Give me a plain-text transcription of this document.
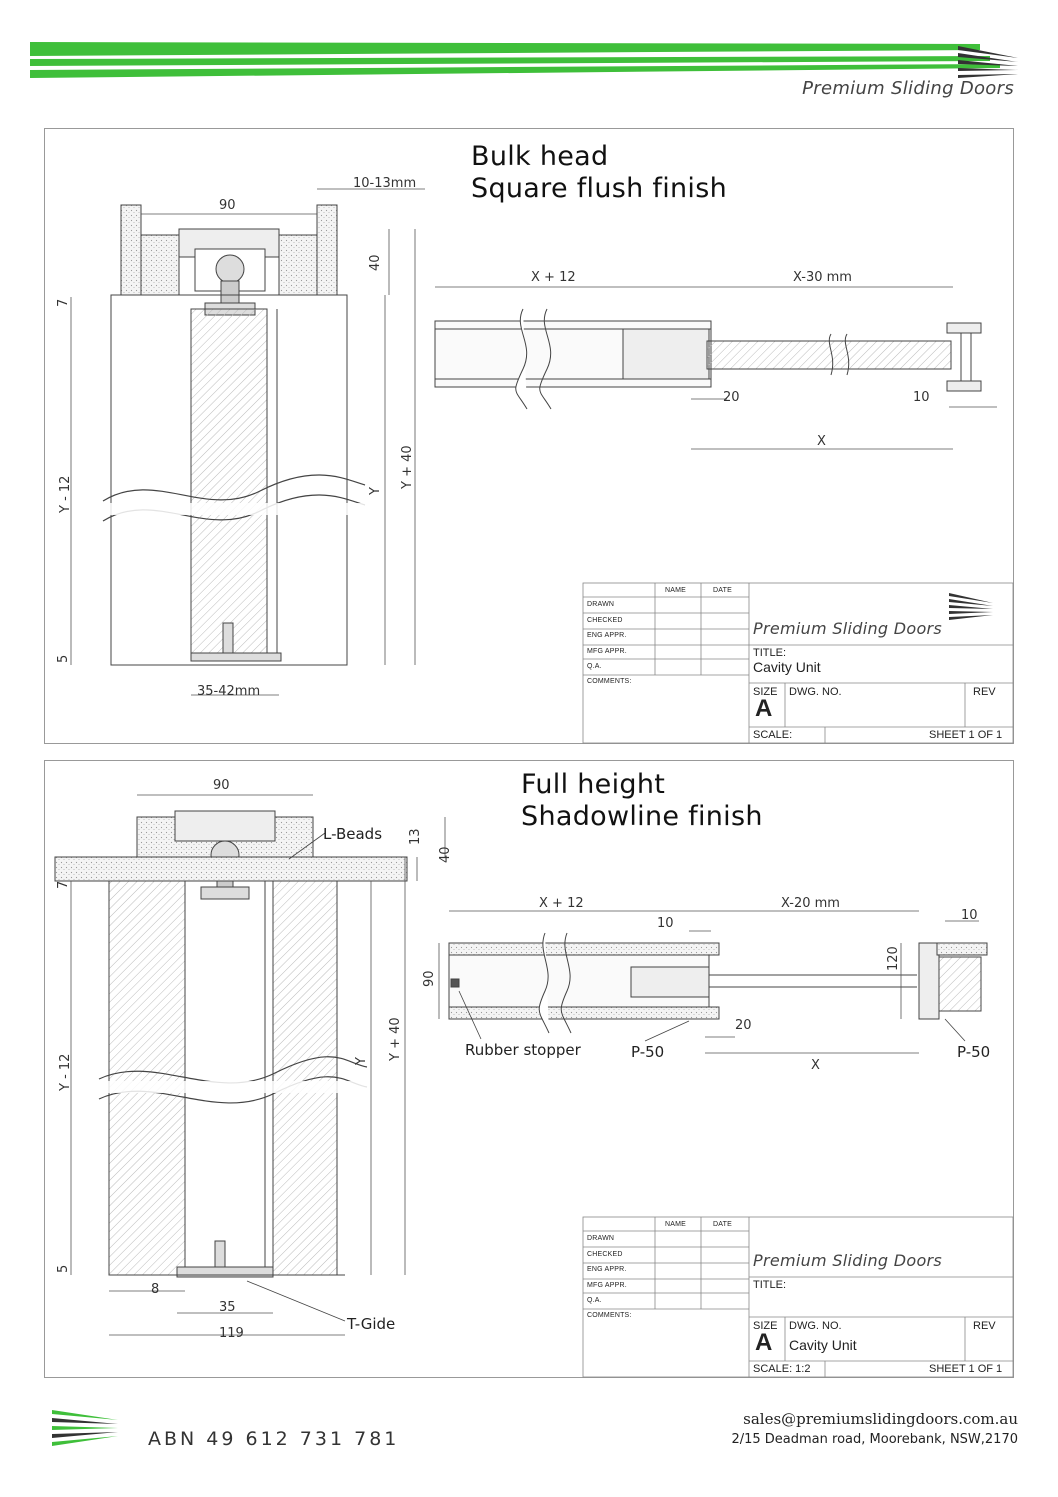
Premium Sliding Doors
10-13mm
90
40
7
Y - 12	Y
Y + 40
5
35-42mm
X + 12	X-30 mm
20	10
X
Bulk head
Square flush finish
NAME	DATE
DRAWN
CHECKED
ENG APPR.
MFG APPR.
Q.A.
COMMENTS:
Premium Sliding Doors
TITLE:
Cavity Unit
SIZE
A
DWG. NO.	REV
SCALE:	SHEET 1 OF 1
90
13
40
7
Y - 12	Y
Y + 40
5
8
35
119
X + 12	X-20 mm
10
10
90
120
20
X
Full height
Shadowline finish
L-Beads
T-Gide
Rubber stopper	P-50	P-50
NAME	DATE
DRAWN
CHECKED
ENG APPR.
MFG APPR.
Q.A.
COMMENTS:
Premium Sliding Doors
TITLE:
SIZE
A
DWG. NO.
Cavity Unit
REV
SCALE: 1:2	SHEET 1 OF 1
ABN 49 612 731 781
sales@premiumslidingdoors.com.au
2/15 Deadman road, Moorebank, NSW,2170
